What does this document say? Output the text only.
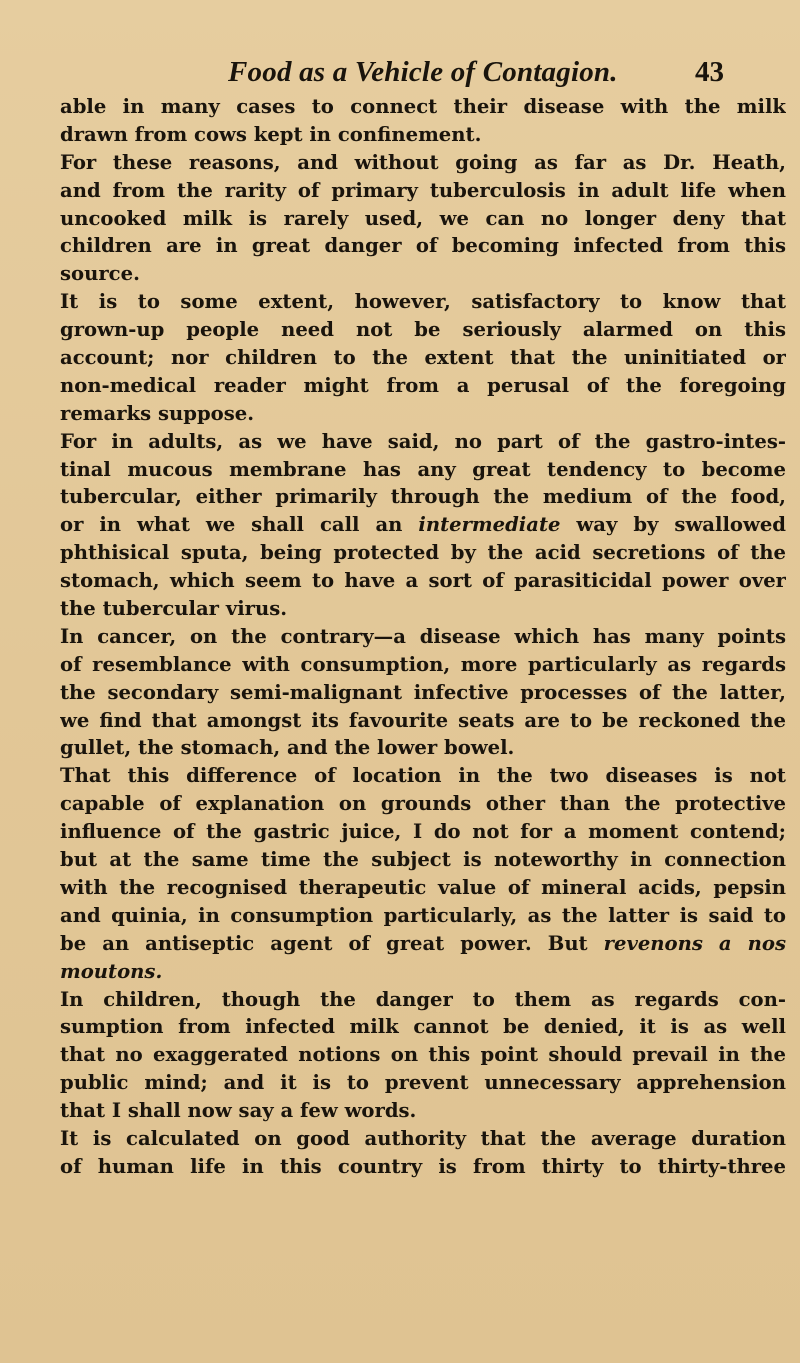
Food as a Vehicle of Contagion.	43
able in many cases to connect their disease with the milk
drawn from cows kept in confinement.
For these reasons, and without going as far as Dr. Heath,
and from the rarity of primary tuberculosis in adult life when
uncooked milk is rarely used, we can no longer deny that
children are in great danger of becoming infected from this
source.
It is to some extent, however, satisfactory to know that
grown-up people need not be seriously alarmed on this
account; nor children to the extent that the uninitiated or
non-medical reader might from a perusal of the foregoing
remarks suppose.
For in adults, as we have said, no part of the gastro-intes-
tinal mucous membrane has any great tendency to become
tubercular, either primarily through the medium of the food,
or in what we shall call an intermediate way by swallowed
phthisical sputa, being protected by the acid secretions of the
stomach, which seem to have a sort of parasiticidal power over
the tubercular virus.
In cancer, on the contrary—a disease which has many points
of resemblance with consumption, more particularly as regards
the secondary semi-malignant infective processes of the latter,
we find that amongst its favourite seats are to be reckoned the
gullet, the stomach, and the lower bowel.
That this difference of location in the two diseases is not
capable of explanation on grounds other than the protective
influence of the gastric juice, I do not for a moment contend;
but at the same time the subject is noteworthy in connection
with the recognised therapeutic value of mineral acids, pepsin
and quinia, in consumption particularly, as the latter is said to
be an antiseptic agent of great power. But revenons a nos
moutons.
In children, though the danger to them as regards con-
sumption from infected milk cannot be denied, it is as well
that no exaggerated notions on this point should prevail in the
public mind; and it is to prevent unnecessary apprehension
that I shall now say a few words.
It is calculated on good authority that the average duration
of human life in this country is from thirty to thirty-three
